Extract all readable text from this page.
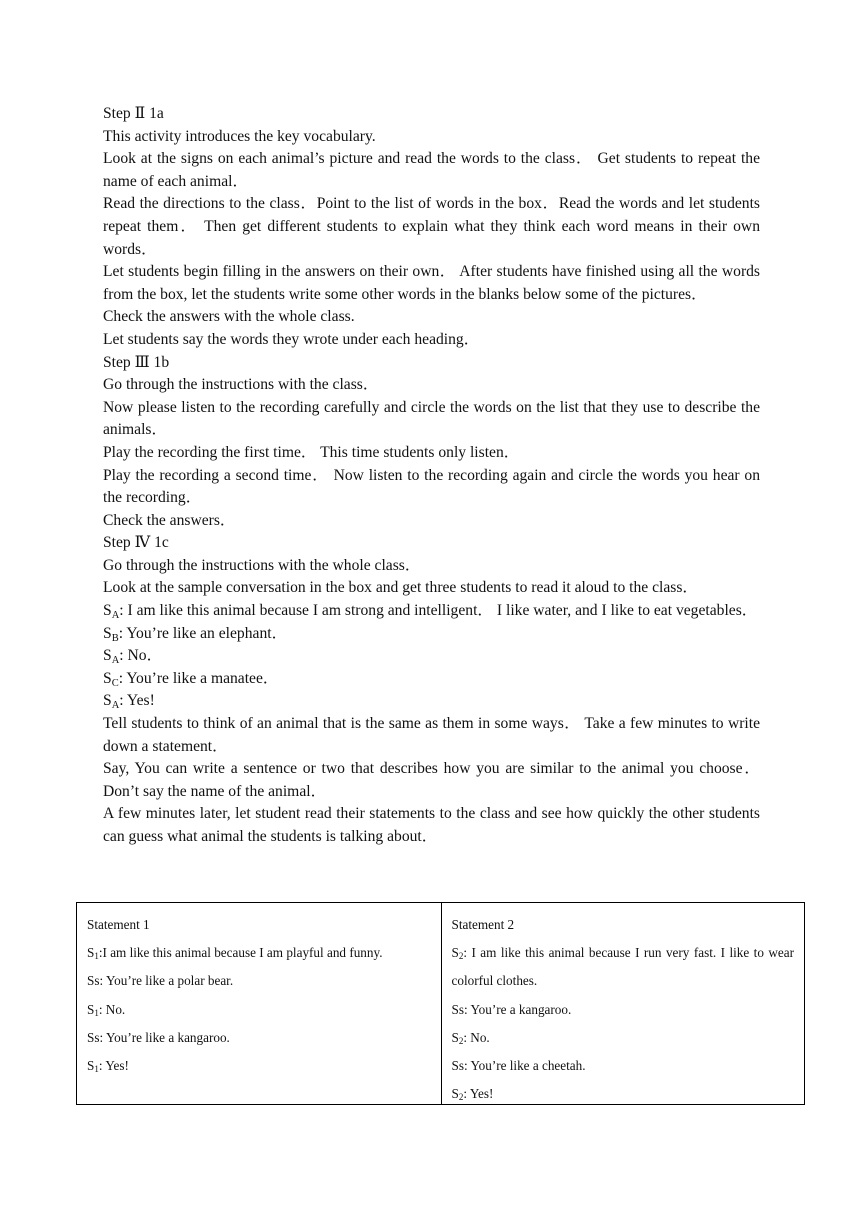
Step Ⅱ 1a

This activity introduces the key vocabulary.

Look at the signs on each animal’s picture and read the words to the class． Get students to repeat the name of each animal．

Read the directions to the class．Point to the list of words in the box．Read the words and let students repeat them． Then get different students to explain what they think each word means in their own words．

Let students begin filling in the answers on their own． After students have finished using all the words from the box, let the students write some other words in the blanks below some of the pictures．

Check the answers with the whole class.

Let students say the words they wrote under each heading．

Step Ⅲ 1b

Go through the instructions with the class．

Now please listen to the recording carefully and circle the words on the list that they use to describe the animals．

Play the recording the first time． This time students only listen．

Play the recording a second time． Now listen to the recording again and circle the words you hear on the recording．

Check the answers．

Step Ⅳ 1c

Go through the instructions with the whole class．

Look at the sample conversation in the box and get three students to read it aloud to the class．

$S_A$: I am like this animal because I am strong and intelligent． I like water, and I like to eat vegetables．

$S_B$: You’re like an elephant．

$S_A$: No．

$S_C$: You’re like a manatee．

$S_A$: Yes!

Tell students to think of an animal that is the same as them in some ways． Take a few minutes to write down a statement．

Say, You can write a sentence or two that describes how you are similar to the animal you choose． Don’t say the name of the animal．

A few minutes later, let student read their statements to the class and see how quickly the other students can guess what animal the students is talking about．

Statement 1

$S_1:I$ am like this animal because I am playful and funny.

Ss: You’re like a polar bear.

$S_1$: No.

Ss: You’re like a kangaroo.

$S_1$: Yes!

Statement 2

$S_2$: I am like this animal because I run very fast. I like to wear colorful clothes.

Ss: You’re a kangaroo.

$S_2$: No.

Ss: You’re like a cheetah.

$S_2$: Yes!
